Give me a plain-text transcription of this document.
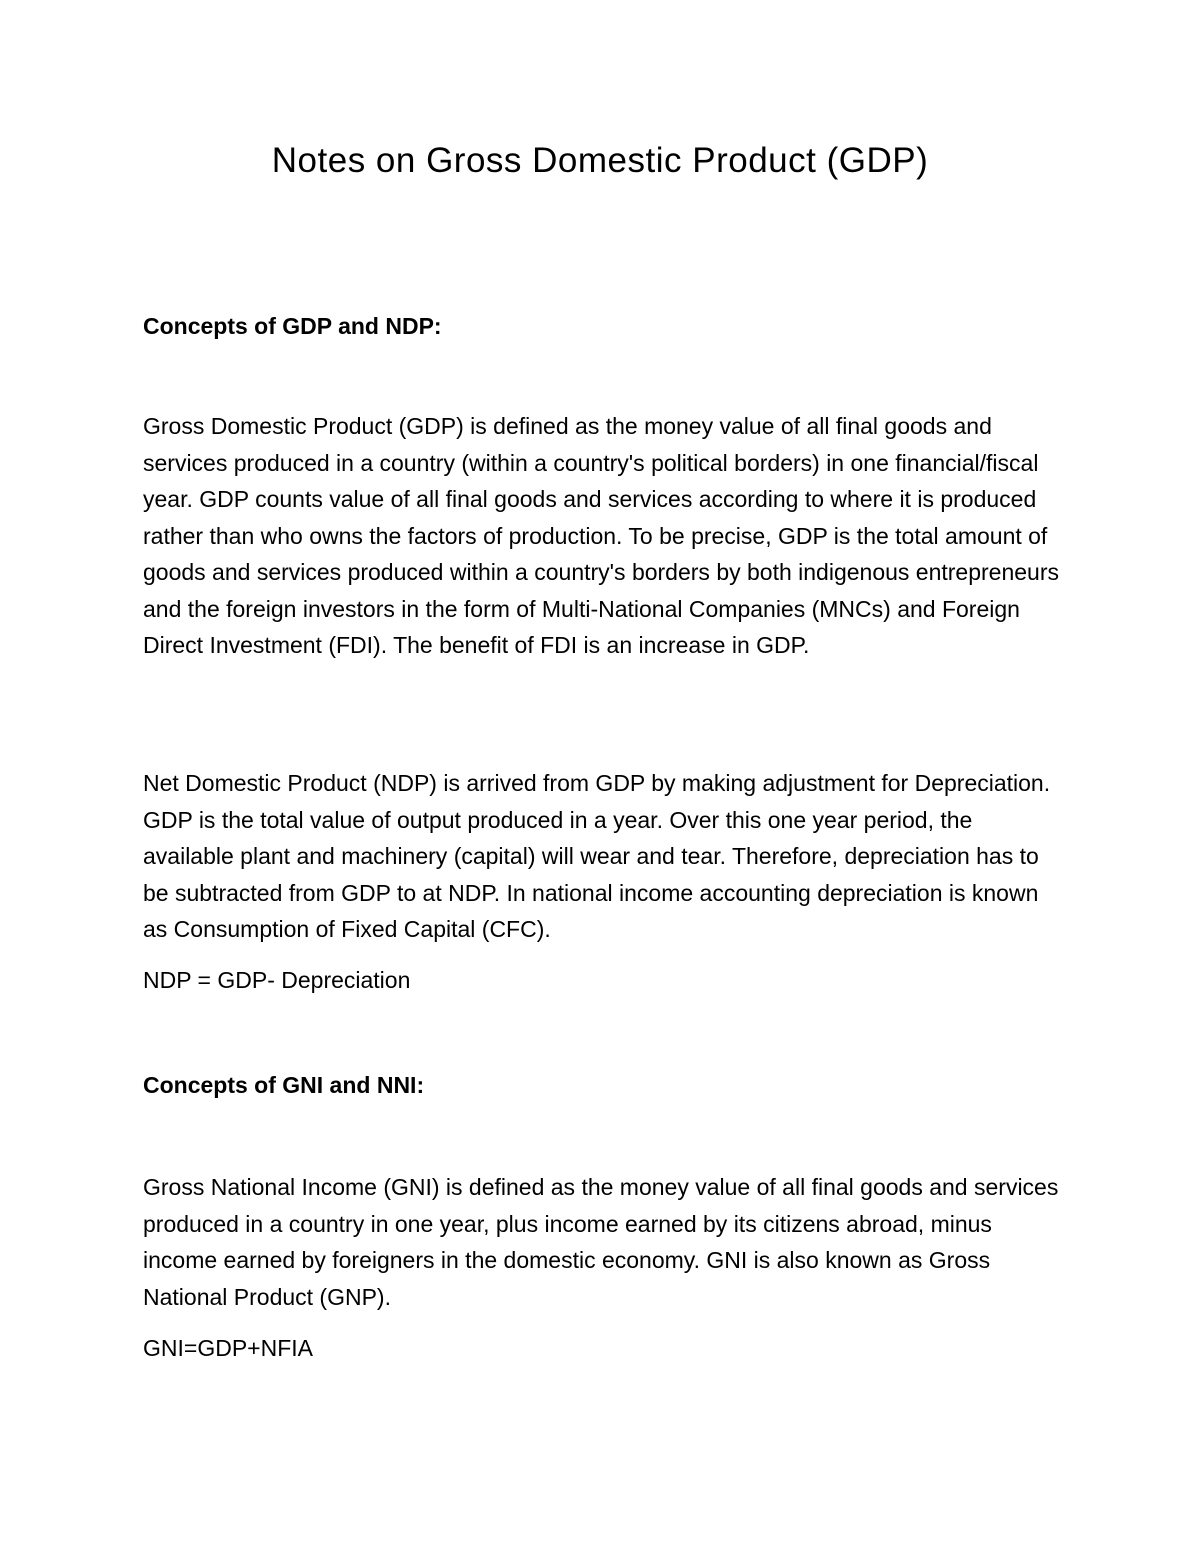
Notes on Gross Domestic Product (GDP)

Concepts of GDP and NDP:

Gross Domestic Product (GDP) is defined as the money value of all final goods and services produced in a country (within a country's political borders) in one financial/fiscal year. GDP counts value of all final goods and services according to where it is produced rather than who owns the factors of production. To be precise, GDP is the total amount of goods and services produced within a country's borders by both indigenous entrepreneurs and the foreign investors in the form of Multi-National Companies (MNCs) and Foreign Direct Investment (FDI). The benefit of FDI is an increase in GDP.

Net Domestic Product (NDP) is arrived from GDP by making adjustment for Depreciation. GDP is the total value of output produced in a year. Over this one year period, the available plant and machinery (capital) will wear and tear. Therefore, depreciation has to be subtracted from GDP to at NDP. In national income accounting depreciation is known as Consumption of Fixed Capital (CFC).

NDP = GDP- Depreciation

Concepts of GNI and NNI:

Gross National Income (GNI) is defined as the money value of all final goods and services produced in a country in one year, plus income earned by its citizens abroad, minus income earned by foreigners in the domestic economy. GNI is also known as Gross National Product (GNP).

GNI=GDP+NFIA
